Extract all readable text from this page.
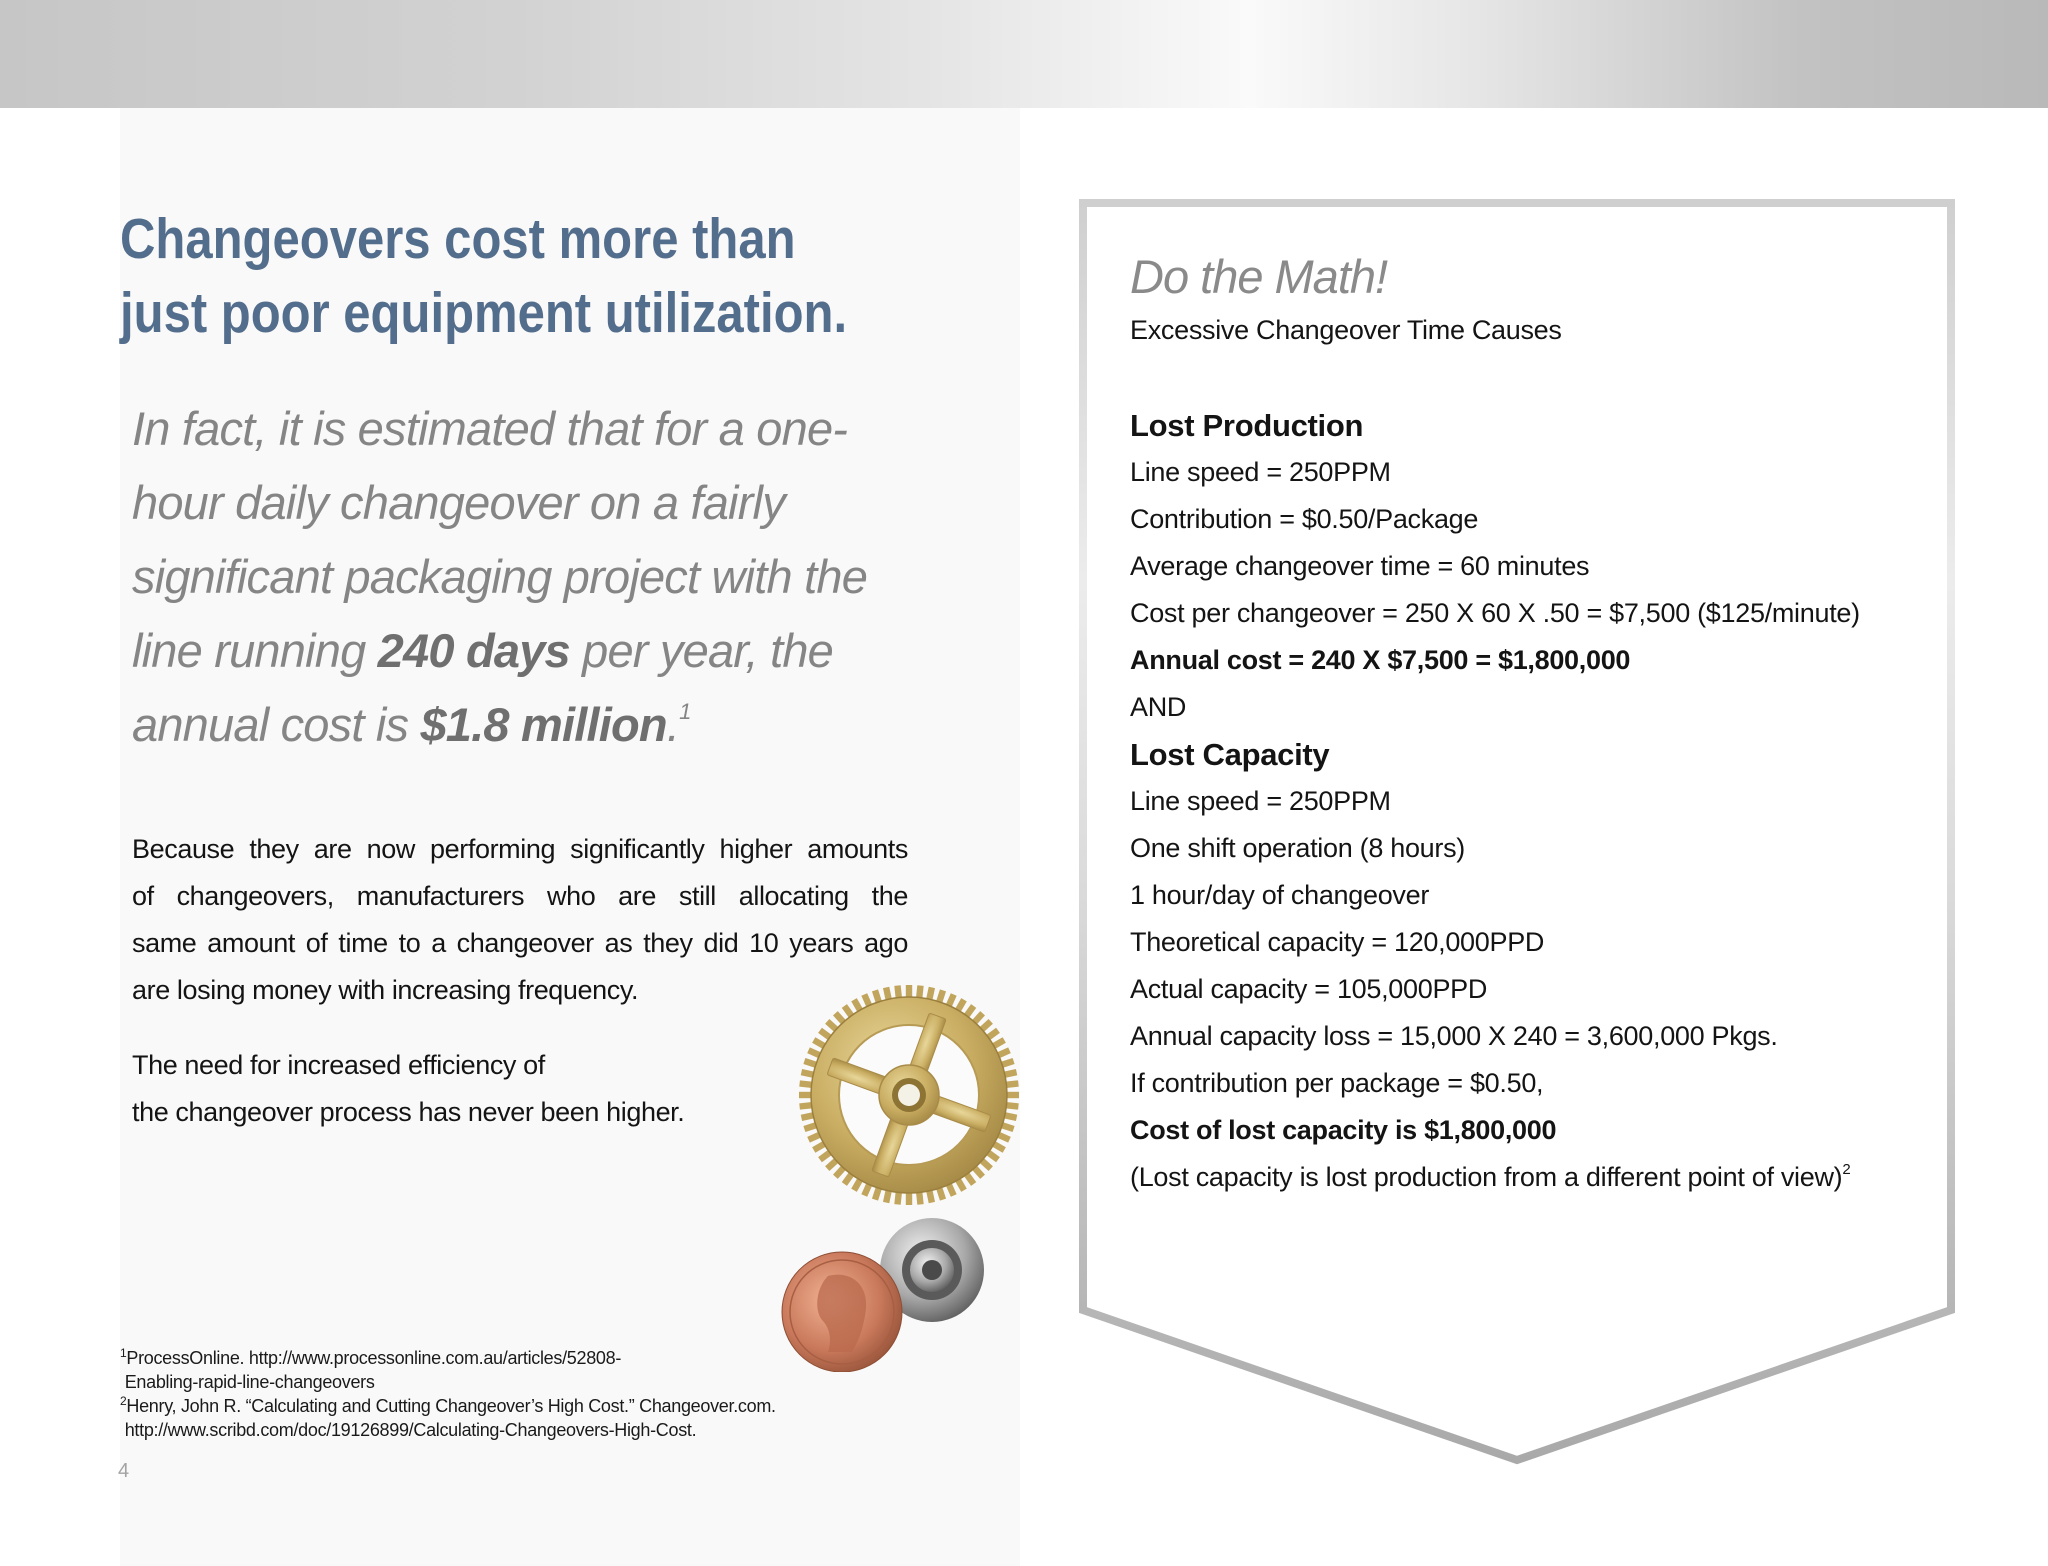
Changeovers cost more than
just poor equipment utilization.
In fact, it is estimated that for a one-
hour daily changeover on a fairly
significant packaging project with the
line running 240 days per year, the
annual cost is $1.8 million.$^1$

Because they are now performing significantly higher amounts
of changeovers, manufacturers who are still allocating the
same amount of time to a changeover as they did 10 years ago
are losing money with increasing frequency.

The need for increased efficiency of
the changeover process has never been higher.

$^1$ProcessOnline. http://www.processonline.com.au/articles/52808-
Enabling-rapid-line-changeovers
$^2$Henry, John R. “Calculating and Cutting Changeover’s High Cost.” Changeover.com.
http://www.scribd.com/doc/19126899/Calculating-Changeovers-High-Cost.
4
Do the Math!
Excessive Changeover Time Causes
Lost Production
Line speed = 250PPM
Contribution = $0.50/Package
Average changeover time = 60 minutes
Cost per changeover = 250 X 60 X .50 = $7,500 ($125/minute)
Annual cost = 240 X $7,500 = $1,800,000
AND
Lost Capacity
Line speed = 250PPM
One shift operation (8 hours)
1 hour/day of changeover
Theoretical capacity = 120,000PPD
Actual capacity = 105,000PPD
Annual capacity loss = 15,000 X 240 = 3,600,000 Pkgs.
If contribution per package = $0.50,
Cost of lost capacity is $1,800,000
(Lost capacity is lost production from a different point of view)$^2$
